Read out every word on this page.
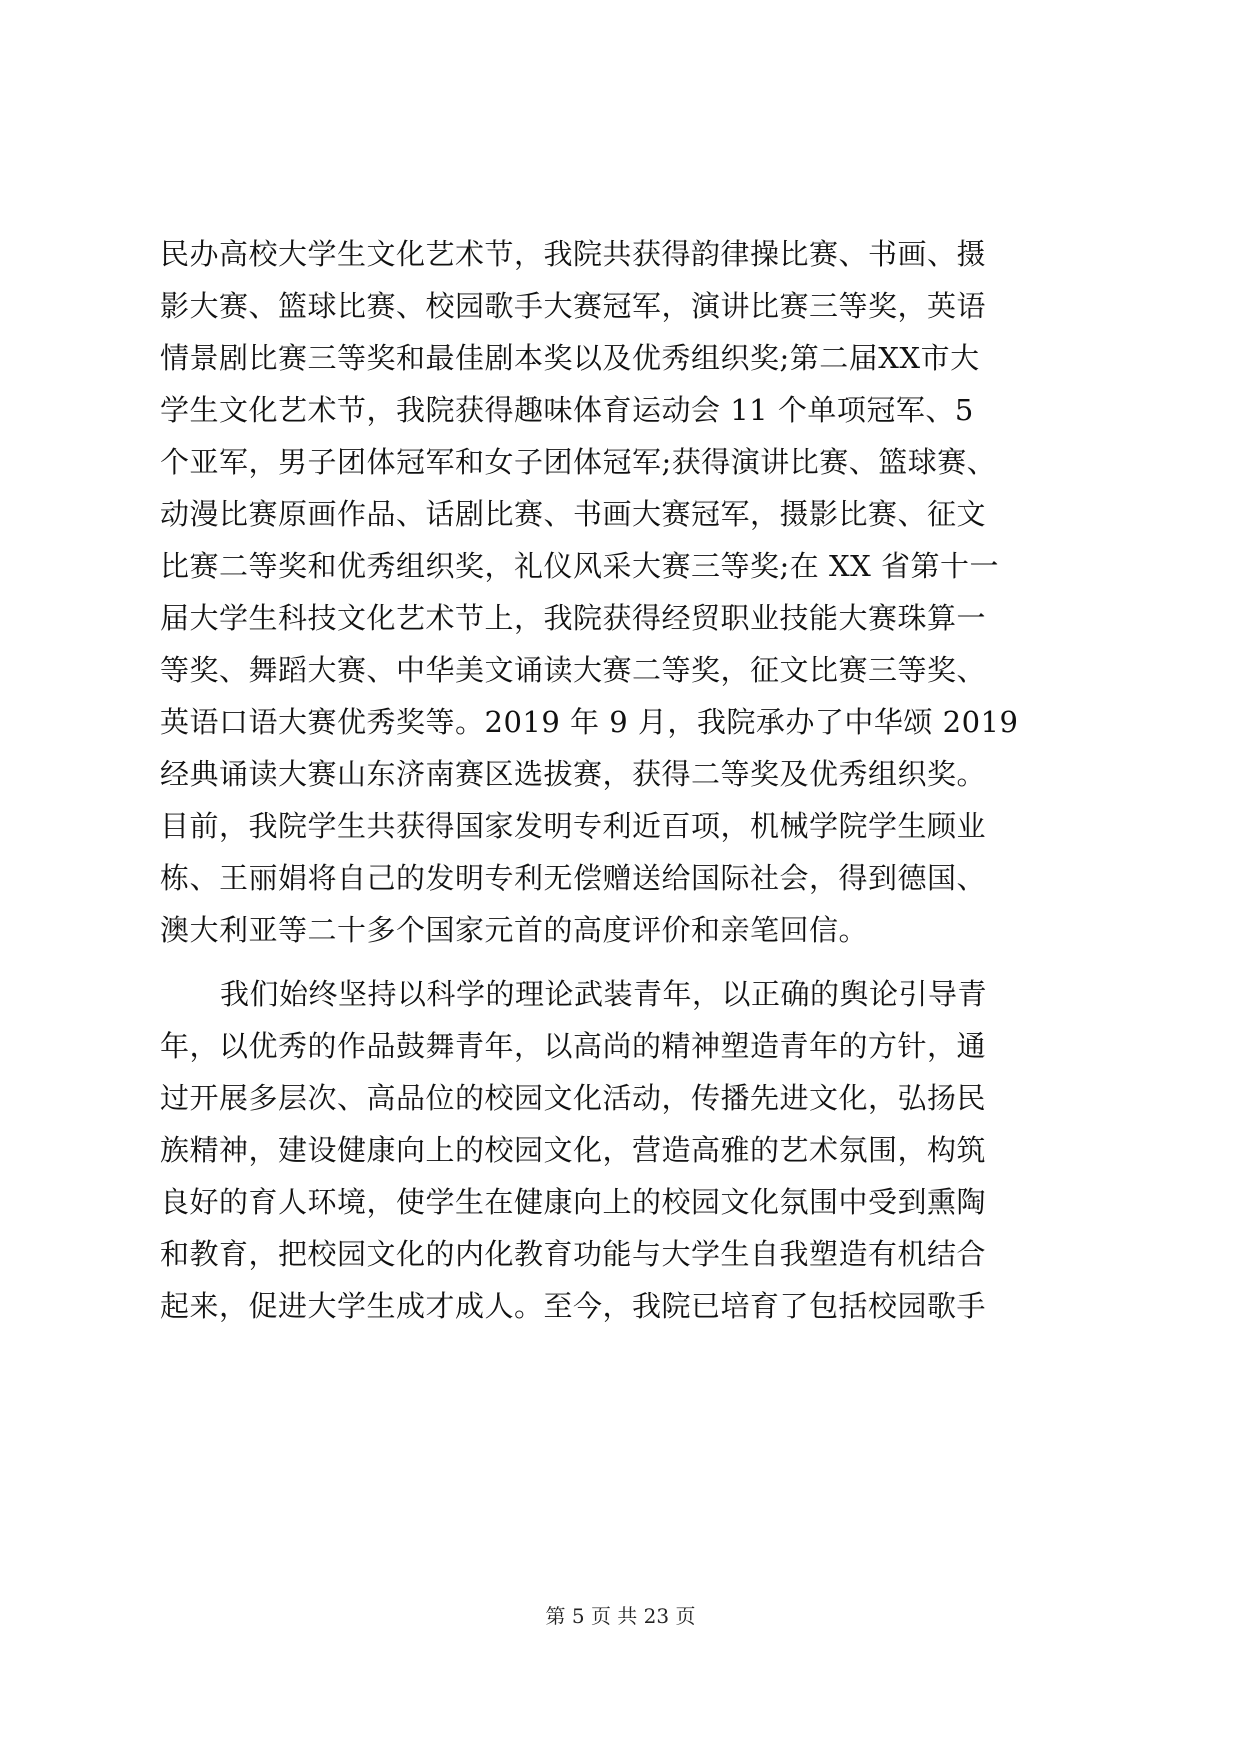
民办高校大学生文化艺术节，我院共获得韵律操比赛、书画、摄
影大赛、篮球比赛、校园歌手大赛冠军，演讲比赛三等奖，英语
情景剧比赛三等奖和最佳剧本奖以及优秀组织奖;第二届XX市大
学生文化艺术节，我院获得趣味体育运动会 11 个单项冠军、5
个亚军，男子团体冠军和女子团体冠军;获得演讲比赛、篮球赛、
动漫比赛原画作品、话剧比赛、书画大赛冠军，摄影比赛、征文
比赛二等奖和优秀组织奖，礼仪风采大赛三等奖;在 XX 省第十一
届大学生科技文化艺术节上，我院获得经贸职业技能大赛珠算一
等奖、舞蹈大赛、中华美文诵读大赛二等奖，征文比赛三等奖、
英语口语大赛优秀奖等。2019 年 9 月，我院承办了中华颂 2019
经典诵读大赛山东济南赛区选拔赛，获得二等奖及优秀组织奖。
目前，我院学生共获得国家发明专利近百项，机械学院学生顾业
栋、王丽娟将自己的发明专利无偿赠送给国际社会，得到德国、
澳大利亚等二十多个国家元首的高度评价和亲笔回信。
我们始终坚持以科学的理论武装青年，以正确的舆论引导青
年，以优秀的作品鼓舞青年，以高尚的精神塑造青年的方针，通
过开展多层次、高品位的校园文化活动，传播先进文化，弘扬民
族精神，建设健康向上的校园文化，营造高雅的艺术氛围，构筑
良好的育人环境，使学生在健康向上的校园文化氛围中受到熏陶
和教育，把校园文化的内化教育功能与大学生自我塑造有机结合
起来，促进大学生成才成人。至今，我院已培育了包括校园歌手
第 5 页 共 23 页
